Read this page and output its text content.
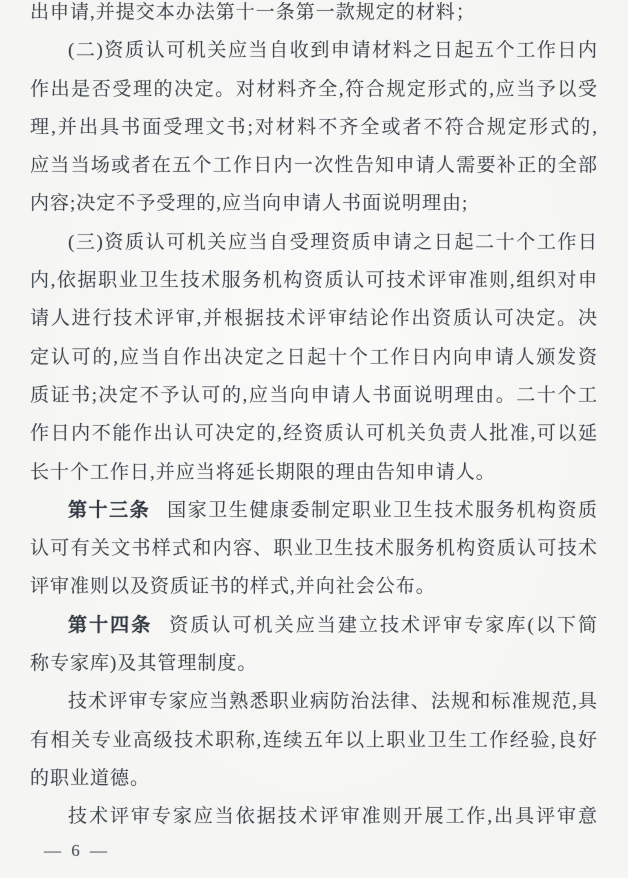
出申请,并提交本办法第十一条第一款规定的材料；
(二)资质认可机关应当自收到申请材料之日起五个工作日内
作出是否受理的决定。对材料齐全,符合规定形式的,应当予以受
理,并出具书面受理文书;对材料不齐全或者不符合规定形式的,
应当当场或者在五个工作日内一次性告知申请人需要补正的全部
内容;决定不予受理的,应当向申请人书面说明理由;
(三)资质认可机关应当自受理资质申请之日起二十个工作日
内,依据职业卫生技术服务机构资质认可技术评审准则,组织对申
请人进行技术评审,并根据技术评审结论作出资质认可决定。决
定认可的,应当自作出决定之日起十个工作日内向申请人颁发资
质证书;决定不予认可的,应当向申请人书面说明理由。二十个工
作日内不能作出认可决定的,经资质认可机关负责人批准,可以延
长十个工作日,并应当将延长期限的理由告知申请人。
第十三条 国家卫生健康委制定职业卫生技术服务机构资质
认可有关文书样式和内容、职业卫生技术服务机构资质认可技术
评审准则以及资质证书的样式,并向社会公布。
第十四条 资质认可机关应当建立技术评审专家库(以下简
称专家库)及其管理制度。
技术评审专家应当熟悉职业病防治法律、法规和标准规范,具
有相关专业高级技术职称,连续五年以上职业卫生工作经验,良好
的职业道德。
技术评审专家应当依据技术评审准则开展工作,出具评审意
— 6 —
